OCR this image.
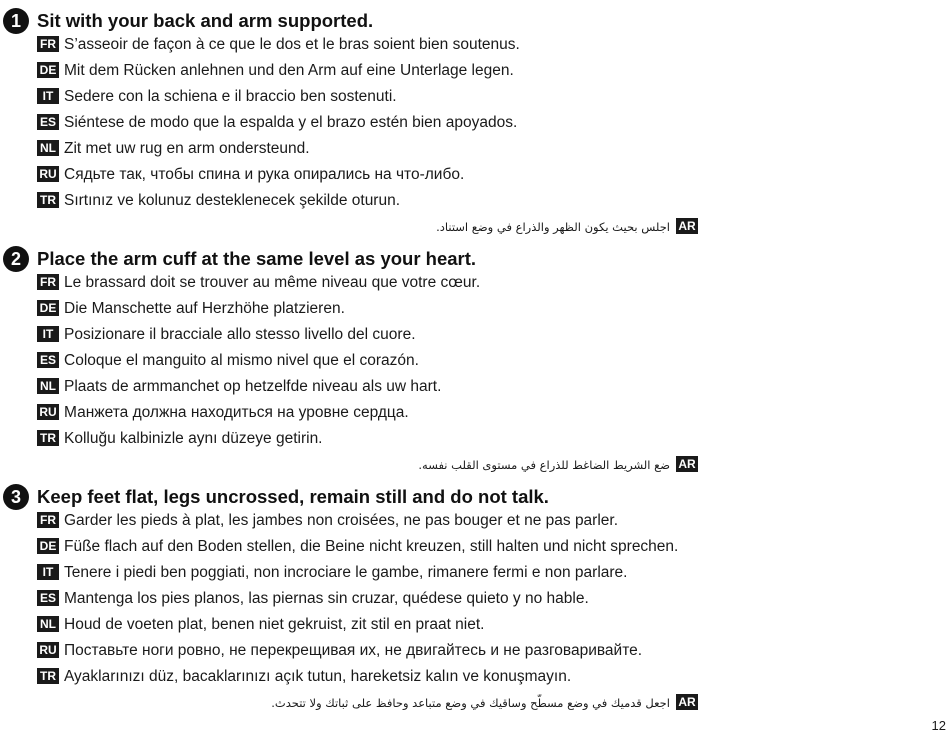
1 Sit with your back and arm supported.
FR S’asseoir de façon à ce que le dos et le bras soient bien soutenus.
DE Mit dem Rücken anlehnen und den Arm auf eine Unterlage legen.
IT Sedere con la schiena e il braccio ben sostenuti.
ES Siéntese de modo que la espalda y el brazo estén bien apoyados.
NL Zit met uw rug en arm ondersteund.
RU Сядьте так, чтобы спина и рука опирались на что-либо.
TR Sırtınız ve kolunuz desteklenecek şekilde oturun.
ARاجلس بحيث يكون الظهر والذراع في وضع استناد.
2 Place the arm cuff at the same level as your heart.
FR Le brassard doit se trouver au même niveau que votre cœur.
DE Die Manschette auf Herzhöhe platzieren.
IT Posizionare il bracciale allo stesso livello del cuore.
ES Coloque el manguito al mismo nivel que el corazón.
NL Plaats de armmanchet op hetzelfde niveau als uw hart.
RU Манжета должна находиться на уровне сердца.
TR Kolluğu kalbinizle aynı düzeye getirin.
ARضع الشريط الضاغط للذراع في مستوى القلب نفسه.
3 Keep feet flat, legs uncrossed, remain still and do not talk.
FR Garder les pieds à plat, les jambes non croisées, ne pas bouger et ne pas parler.
DE Füße flach auf den Boden stellen, die Beine nicht kreuzen, still halten und nicht sprechen.
IT Tenere i piedi ben poggiati, non incrociare le gambe, rimanere fermi e non parlare.
ES Mantenga los pies planos, las piernas sin cruzar, quédese quieto y no hable.
NL Houd de voeten plat, benen niet gekruist, zit stil en praat niet.
RU Поставьте ноги ровно, не перекрещивая их, не двигайтесь и не разговаривайте.
TR Ayaklarınızı düz, bacaklarınızı açık tutun, hareketsiz kalın ve konuşmayın.
ARاجعل قدميك في وضع مسطّح وساقيك في وضع متباعد وحافظ على ثباتك ولا تتحدث.
12
